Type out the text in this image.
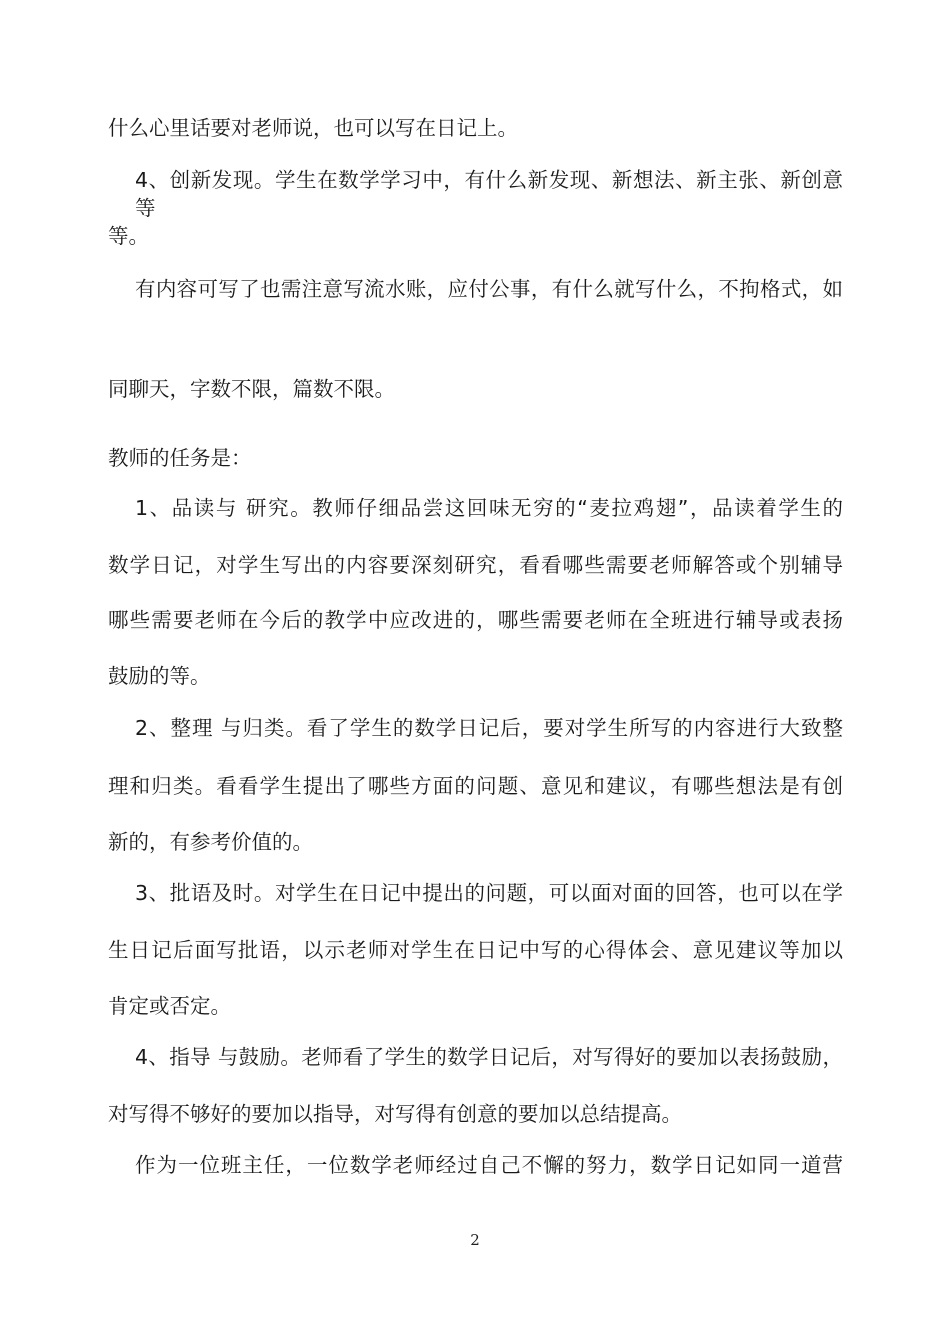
什么心里话要对老师说，也可以写在日记上。
4、创新发现。学生在数学学习中，有什么新发现、新想法、新主张、新创意等
等。
有内容可写了也需注意写流水账，应付公事，有什么就写什么，不拘格式，如
同聊天，字数不限，篇数不限。
教师的任务是：
1、品读与 研究。教师仔细品尝这回味无穷的“麦拉鸡翅”，品读着学生的
数学日记，对学生写出的内容要深刻研究，看看哪些需要老师解答或个别辅导
哪些需要老师在今后的教学中应改进的，哪些需要老师在全班进行辅导或表扬
鼓励的等。
2、整理 与归类。看了学生的数学日记后，要对学生所写的内容进行大致整
理和归类。看看学生提出了哪些方面的问题、意见和建议，有哪些想法是有创
新的，有参考价值的。
3、批语及时。对学生在日记中提出的问题，可以面对面的回答，也可以在学
生日记后面写批语，以示老师对学生在日记中写的心得体会、意见建议等加以
肯定或否定。
4、指导 与鼓励。老师看了学生的数学日记后，对写得好的要加以表扬鼓励，
对写得不够好的要加以指导，对写得有创意的要加以总结提高。
作为一位班主任，一位数学老师经过自己不懈的努力，数学日记如同一道营
2
